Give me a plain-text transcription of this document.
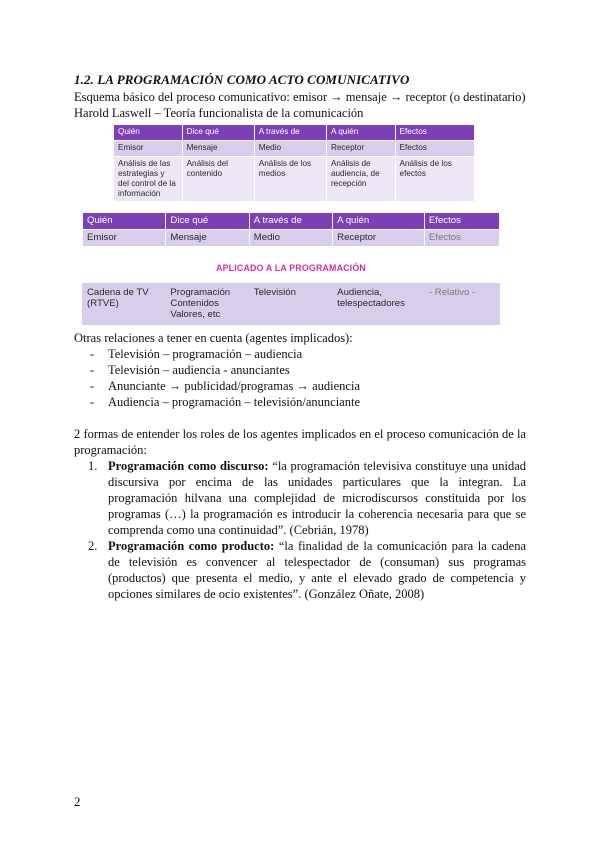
1.2. LA PROGRAMACIÓN COMO ACTO COMUNICATIVO
Esquema básico del proceso comunicativo: emisor → mensaje → receptor (o destinatario)
Harold Laswell – Teoría funcionalista de la comunicación
Quién	Dice qué	A través de	A quién	Efectos
Emisor	Mensaje	Medio	Receptor	Efectos
Análisis de las estrategias y del control de la información	Análisis del contenido	Análisis de los medios	Análisis de audiencia, de recepción	Análisis de los efectos
Quién	Dice qué	A través de	A quién	Efectos
Emisor	Mensaje	Medio	Receptor	Efectos
APLICADO A LA PROGRAMACIÓN
Cadena de TV (RTVE)	Programación Contenidos Valores, etc	Televisión	Audiencia, telespectadores	- Relativo -
Otras relaciones a tener en cuenta (agentes implicados):
- Televisión – programación – audiencia
- Televisión – audiencia - anunciantes
- Anunciante → publicidad/programas → audiencia
- Audiencia – programación – televisión/anunciante
2 formas de entender los roles de los agentes implicados en el proceso comunicación de la programación:
1. Programación como discurso: “la programación televisiva constituye una unidad discursiva por encima de las unidades particulares que la integran. La programación hilvana una complejidad de microdiscursos constituida por los programas (…) la programación es introducir la coherencia necesaria para que se comprenda como una continuidad”. (Cebrián, 1978)
2. Programación como producto: “la finalidad de la comunicación para la cadena de televisión es convencer al telespectador de (consuman) sus programas (productos) que presenta el medio, y ante el elevado grado de competencia y opciones similares de ocio existentes”. (González Oñate, 2008)
2
